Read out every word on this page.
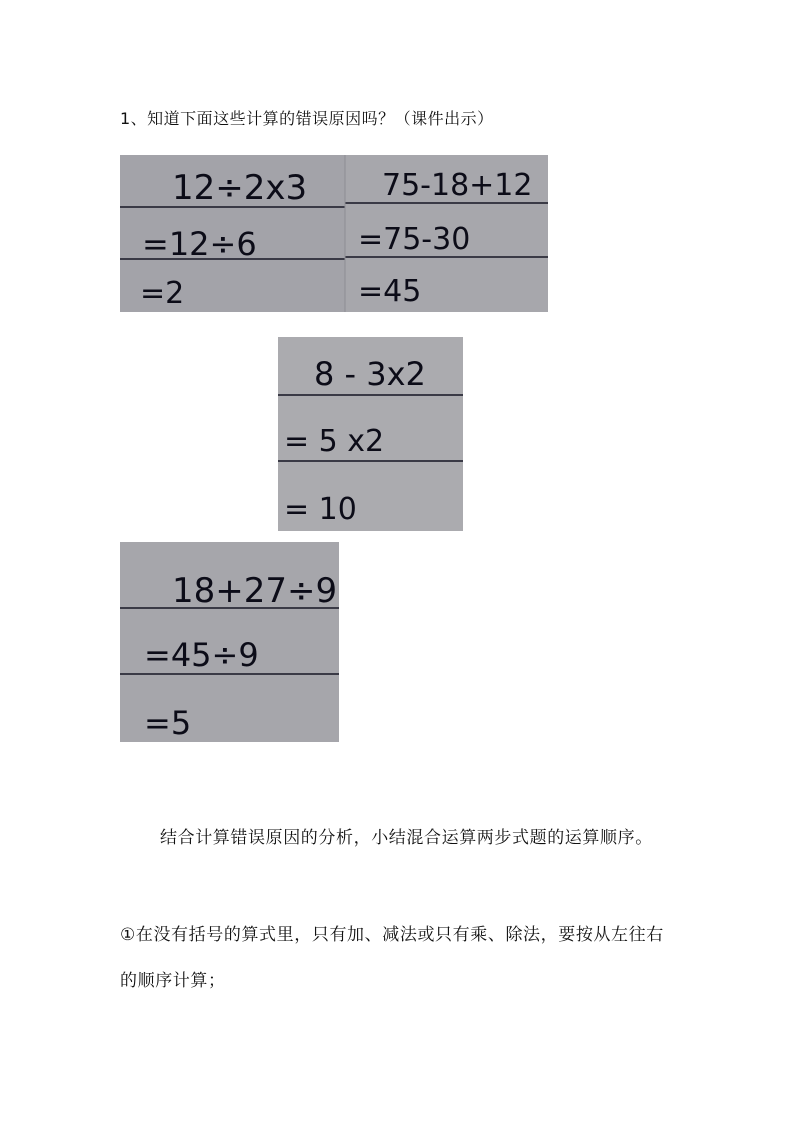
1、知道下面这些计算的错误原因吗？（课件出示）
12÷2x3
=12÷6
=2
75-18+12
=75-30
=45
8 - 3x2
= 5 x2
= 10
18+27÷9
=45÷9
=5
结合计算错误原因的分析，小结混合运算两步式题的运算顺序。
①在没有括号的算式里，只有加、减法或只有乘、除法，要按从左往右的顺序计算；
